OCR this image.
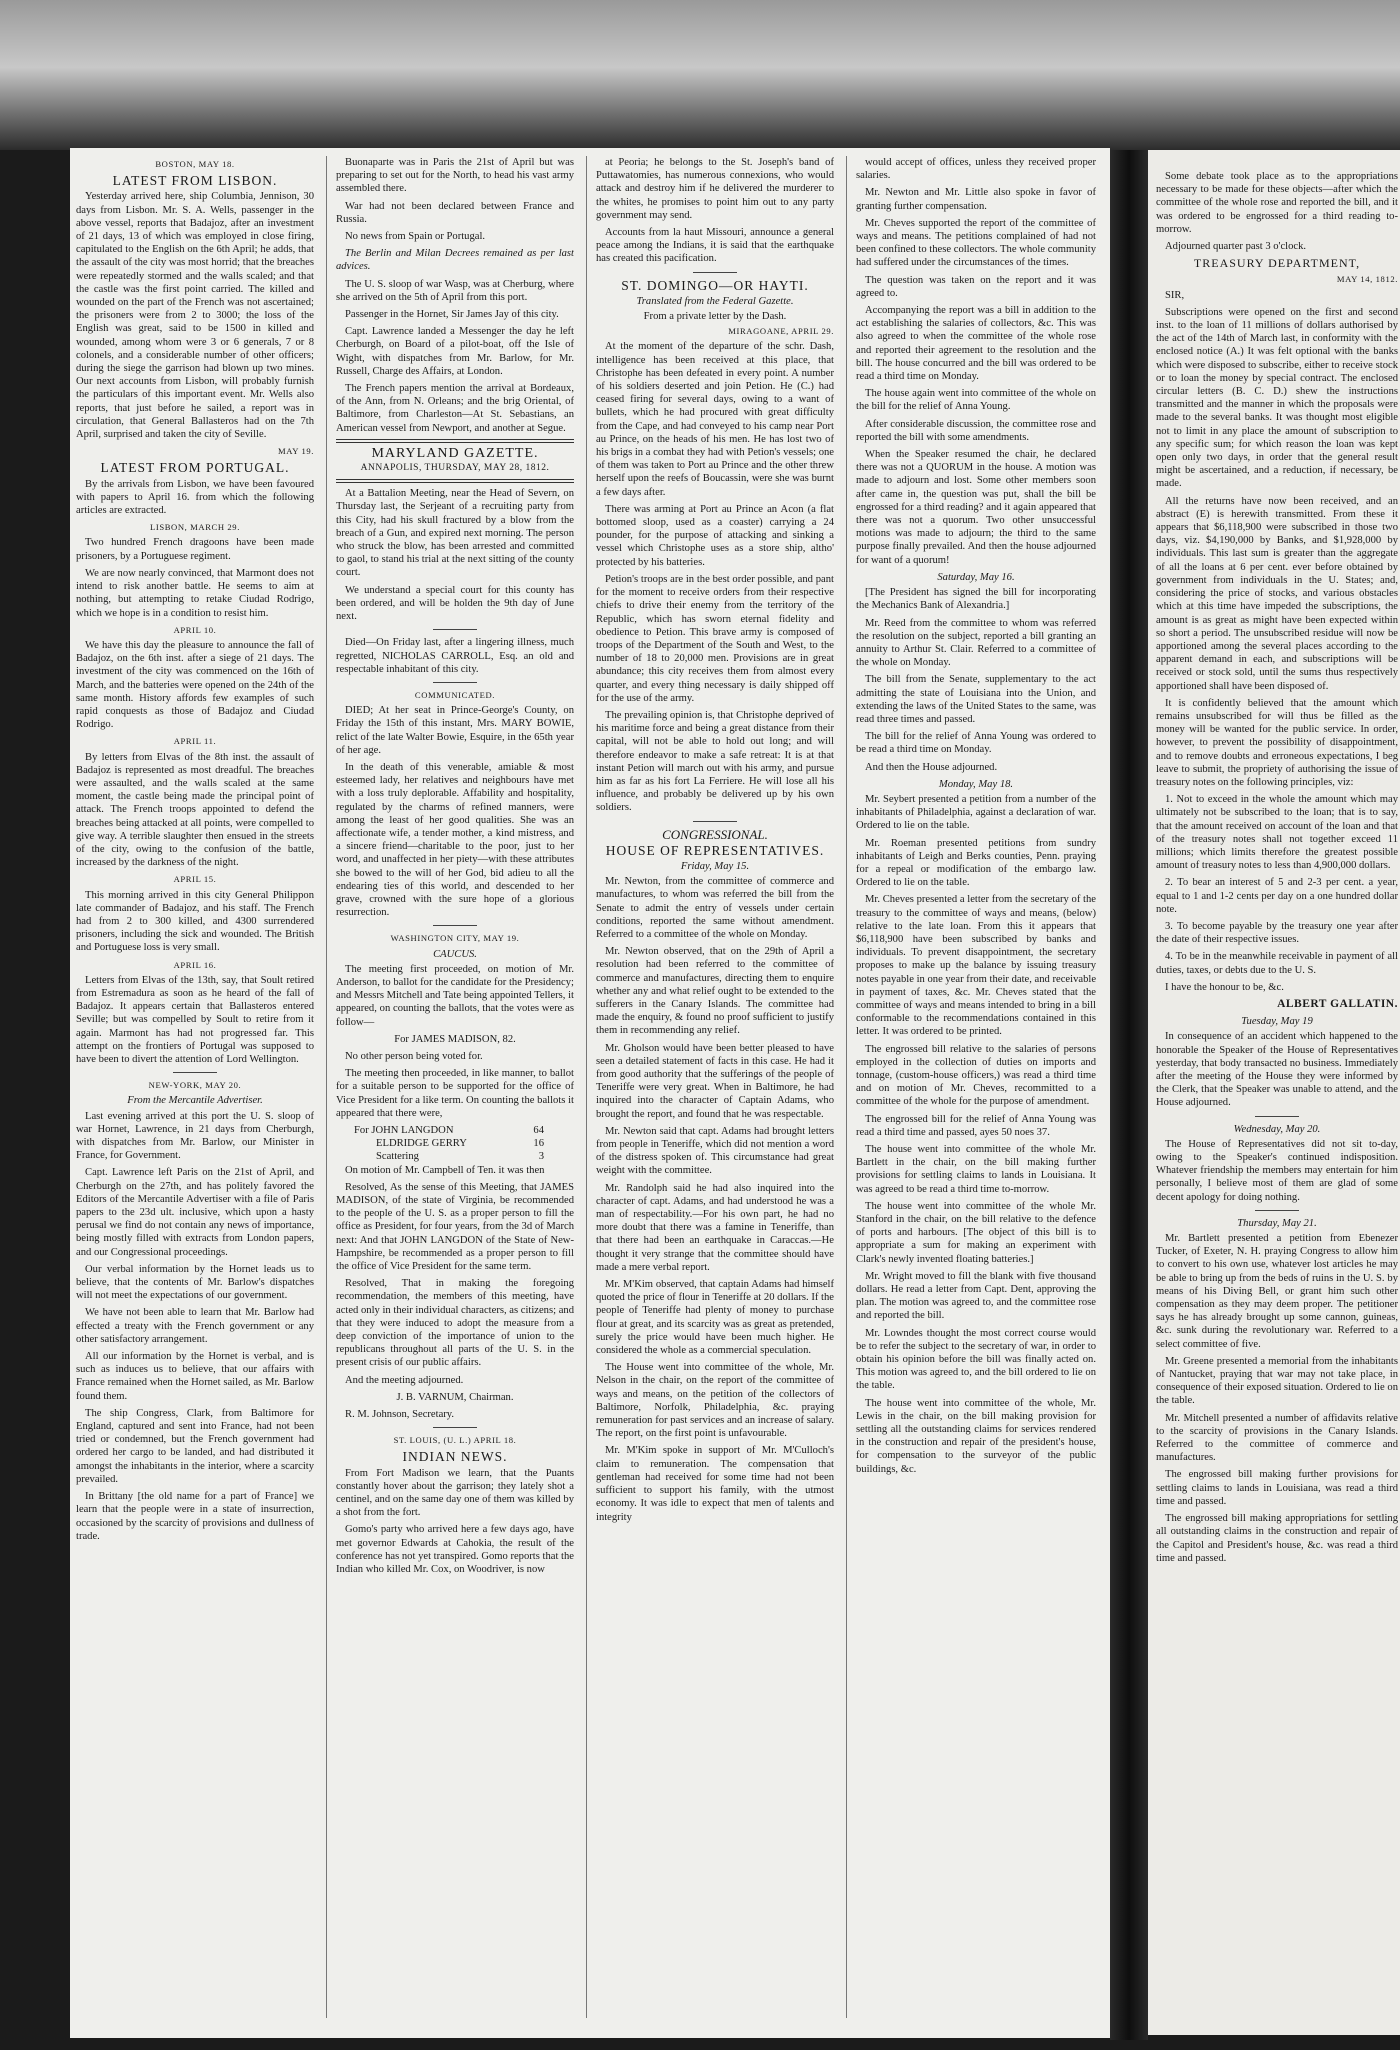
BOSTON, MAY 18.
LATEST FROM LISBON.

Yesterday arrived here, ship Columbia, Jennison, 30 days from Lisbon. Mr. S. A. Wells, passenger in the above vessel, reports that Badajoz, after an investment of 21 days, 13 of which was employed in close firing, capitulated to the English on the 6th April; he adds, that the assault of the city was most horrid; that the breaches were repeatedly stormed and the walls scaled; and that the castle was the first point carried. The killed and wounded on the part of the French was not ascertained; the prisoners were from 2 to 3000; the loss of the English was great, said to be 1500 in killed and wounded, among whom were 3 or 6 generals, 7 or 8 colonels, and a considerable number of other officers; during the siege the garrison had blown up two mines. Our next accounts from Lisbon, will probably furnish the particulars of this important event. Mr. Wells also reports, that just before he sailed, a report was in circulation, that General Ballasteros had on the 7th April, surprised and taken the city of Seville.

MAY 19.
LATEST FROM PORTUGAL.

By the arrivals from Lisbon, we have been favoured with papers to April 16. from which the following articles are extracted.

LISBON, MARCH 29.

Two hundred French dragoons have been made prisoners, by a Portuguese regiment.

We are now nearly convinced, that Marmont does not intend to risk another battle. He seems to aim at nothing, but attempting to retake Ciudad Rodrigo, which we hope is in a condition to resist him.

APRIL 10.

We have this day the pleasure to announce the fall of Badajoz, on the 6th inst. after a siege of 21 days. The investment of the city was commenced on the 16th of March, and the batteries were opened on the 24th of the same month. History affords few examples of such rapid conquests as those of Badajoz and Ciudad Rodrigo.

APRIL 11.

By letters from Elvas of the 8th inst. the assault of Badajoz is represented as most dreadful. The breaches were assaulted, and the walls scaled at the same moment, the castle being made the principal point of attack. The French troops appointed to defend the breaches being attacked at all points, were compelled to give way. A terrible slaughter then ensued in the streets of the city, owing to the confusion of the battle, increased by the darkness of the night.

APRIL 15.

This morning arrived in this city General Philippon late commander of Badajoz, and his staff. The French had from 2 to 300 killed, and 4300 surrendered prisoners, including the sick and wounded. The British and Portuguese loss is very small.

APRIL 16.

Letters from Elvas of the 13th, say, that Soult retired from Estremadura as soon as he heard of the fall of Badajoz. It appears certain that Ballasteros entered Seville; but was compelled by Soult to retire from it again. Marmont has had not progressed far. This attempt on the frontiers of Portugal was supposed to have been to divert the attention of Lord Wellington.

NEW-YORK, MAY 20.
From the Mercantile Advertiser.

Last evening arrived at this port the U. S. sloop of war Hornet, Lawrence, in 21 days from Cherburgh, with dispatches from Mr. Barlow, our Minister in France, for Government.

Capt. Lawrence left Paris on the 21st of April, and Cherburgh on the 27th, and has politely favored the Editors of the Mercantile Advertiser with a file of Paris papers to the 23d ult. inclusive, which upon a hasty perusal we find do not contain any news of importance, being mostly filled with extracts from London papers, and our Congressional proceedings.

Our verbal information by the Hornet leads us to believe, that the contents of Mr. Barlow's dispatches will not meet the expectations of our government.

We have not been able to learn that Mr. Barlow had effected a treaty with the French government or any other satisfactory arrangement.

All our information by the Hornet is verbal, and is such as induces us to believe, that our affairs with France remained when the Hornet sailed, as Mr. Barlow found them.

The ship Congress, Clark, from Baltimore for England, captured and sent into France, had not been tried or condemned, but the French government had ordered her cargo to be landed, and had distributed it amongst the inhabitants in the interior, where a scarcity prevailed.

In Brittany [the old name for a part of France] we learn that the people were in a state of insurrection, occasioned by the scarcity of provisions and dullness of trade.

Buonaparte was in Paris the 21st of April but was preparing to set out for the North, to head his vast army assembled there.

War had not been declared between France and Russia.

No news from Spain or Portugal.

The Berlin and Milan Decrees remained as per last advices.

The U. S. sloop of war Wasp, was at Cherburg, where she arrived on the 5th of April from this port.

Passenger in the Hornet, Sir James Jay of this city.

Capt. Lawrence landed a Messenger the day he left Cherburgh, on Board of a pilot-boat, off the Isle of Wight, with dispatches from Mr. Barlow, for Mr. Russell, Charge des Affairs, at London.

The French papers mention the arrival at Bordeaux, of the Ann, from N. Orleans; and the brig Oriental, of Baltimore, from Charleston—At St. Sebastians, an American vessel from Newport, and another at Segue.

MARYLAND GAZETTE.
ANNAPOLIS, THURSDAY, MAY 28, 1812.

At a Battalion Meeting, near the Head of Severn, on Thursday last, the Serjeant of a recruiting party from this City, had his skull fractured by a blow from the breach of a Gun, and expired next morning. The person who struck the blow, has been arrested and committed to gaol, to stand his trial at the next sitting of the county court.

We understand a special court for this county has been ordered, and will be holden the 9th day of June next.

Died—On Friday last, after a lingering illness, much regretted, NICHOLAS CARROLL, Esq. an old and respectable inhabitant of this city.

COMMUNICATED.

DIED; At her seat in Prince-George's County, on Friday the 15th of this instant, Mrs. MARY BOWIE, relict of the late Walter Bowie, Esquire, in the 65th year of her age.

In the death of this venerable, amiable & most esteemed lady, her relatives and neighbours have met with a loss truly deplorable. Affability and hospitality, regulated by the charms of refined manners, were among the least of her good qualities. She was an affectionate wife, a tender mother, a kind mistress, and a sincere friend—charitable to the poor, just to her word, and unaffected in her piety—with these attributes she bowed to the will of her God, bid adieu to all the endearing ties of this world, and descended to her grave, crowned with the sure hope of a glorious resurrection.

WASHINGTON CITY, MAY 19.
CAUCUS.

The meeting first proceeded, on motion of Mr. Anderson, to ballot for the candidate for the Presidency; and Messrs Mitchell and Tate being appointed Tellers, it appeared, on counting the ballots, that the votes were as follow—

For JAMES MADISON, 82.

No other person being voted for.

The meeting then proceeded, in like manner, to ballot for a suitable person to be supported for the office of Vice President for a like term. On counting the ballots it appeared that there were,

For JOHN LANGDON	64
ELDRIDGE GERRY	16
Scattering	3

On motion of Mr. Campbell of Ten. it was then

Resolved, As the sense of this Meeting, that JAMES MADISON, of the state of Virginia, be recommended to the people of the U. S. as a proper person to fill the office as President, for four years, from the 3d of March next: And that JOHN LANGDON of the State of New-Hampshire, be recommended as a proper person to fill the office of Vice President for the same term.

Resolved, That in making the foregoing recommendation, the members of this meeting, have acted only in their individual characters, as citizens; and that they were induced to adopt the measure from a deep conviction of the importance of union to the republicans throughout all parts of the U. S. in the present crisis of our public affairs.

And the meeting adjourned.

J. B. VARNUM, Chairman.

R. M. Johnson, Secretary.

ST. LOUIS, (U. L.) APRIL 18.
INDIAN NEWS.

From Fort Madison we learn, that the Puants constantly hover about the garrison; they lately shot a centinel, and on the same day one of them was killed by a shot from the fort.

Gomo's party who arrived here a few days ago, have met governor Edwards at Cahokia, the result of the conference has not yet transpired. Gomo reports that the Indian who killed Mr. Cox, on Woodriver, is now

at Peoria; he belongs to the St. Joseph's band of Puttawatomies, has numerous connexions, who would attack and destroy him if he delivered the murderer to the whites, he promises to point him out to any party government may send.

Accounts from la haut Missouri, announce a general peace among the Indians, it is said that the earthquake has created this pacification.

ST. DOMINGO—OR HAYTI.
Translated from the Federal Gazette.
From a private letter by the Dash.
MIRAGOANE, APRIL 29.

At the moment of the departure of the schr. Dash, intelligence has been received at this place, that Christophe has been defeated in every point. A number of his soldiers deserted and join Petion. He (C.) had ceased firing for several days, owing to a want of bullets, which he had procured with great difficulty from the Cape, and had conveyed to his camp near Port au Prince, on the heads of his men. He has lost two of his brigs in a combat they had with Petion's vessels; one of them was taken to Port au Prince and the other threw herself upon the reefs of Boucassin, were she was burnt a few days after.

There was arming at Port au Prince an Acon (a flat bottomed sloop, used as a coaster) carrying a 24 pounder, for the purpose of attacking and sinking a vessel which Christophe uses as a store ship, altho' protected by his batteries.

Petion's troops are in the best order possible, and pant for the moment to receive orders from their respective chiefs to drive their enemy from the territory of the Republic, which has sworn eternal fidelity and obedience to Petion. This brave army is composed of troops of the Department of the South and West, to the number of 18 to 20,000 men. Provisions are in great abundance; this city receives them from almost every quarter, and every thing necessary is daily shipped off for the use of the army.

The prevailing opinion is, that Christophe deprived of his maritime force and being a great distance from their capital, will not be able to hold out long; and will therefore endeavor to make a safe retreat: It is at that instant Petion will march out with his army, and pursue him as far as his fort La Ferriere. He will lose all his influence, and probably be delivered up by his own soldiers.

CONGRESSIONAL.
HOUSE OF REPRESENTATIVES.
Friday, May 15.

Mr. Newton, from the committee of commerce and manufactures, to whom was referred the bill from the Senate to admit the entry of vessels under certain conditions, reported the same without amendment. Referred to a committee of the whole on Monday.

Mr. Newton observed, that on the 29th of April a resolution had been referred to the committee of commerce and manufactures, directing them to enquire whether any and what relief ought to be extended to the sufferers in the Canary Islands. The committee had made the enquiry, & found no proof sufficient to justify them in recommending any relief.

Mr. Gholson would have been better pleased to have seen a detailed statement of facts in this case. He had it from good authority that the sufferings of the people of Teneriffe were very great. When in Baltimore, he had inquired into the character of Captain Adams, who brought the report, and found that he was respectable.

Mr. Newton said that capt. Adams had brought letters from people in Teneriffe, which did not mention a word of the distress spoken of. This circumstance had great weight with the committee.

Mr. Randolph said he had also inquired into the character of capt. Adams, and had understood he was a man of respectability.—For his own part, he had no more doubt that there was a famine in Teneriffe, than that there had been an earthquake in Caraccas.—He thought it very strange that the committee should have made a mere verbal report.

Mr. M'Kim observed, that captain Adams had himself quoted the price of flour in Teneriffe at 20 dollars. If the people of Teneriffe had plenty of money to purchase flour at great, and its scarcity was as great as pretended, surely the price would have been much higher. He considered the whole as a commercial speculation.

The House went into committee of the whole, Mr. Nelson in the chair, on the report of the committee of ways and means, on the petition of the collectors of Baltimore, Norfolk, Philadelphia, &c. praying remuneration for past services and an increase of salary. The report, on the first point is unfavourable.

Mr. M'Kim spoke in support of Mr. M'Culloch's claim to remuneration. The compensation that gentleman had received for some time had not been sufficient to support his family, with the utmost economy. It was idle to expect that men of talents and integrity

would accept of offices, unless they received proper salaries.

Mr. Newton and Mr. Little also spoke in favor of granting further compensation.

Mr. Cheves supported the report of the committee of ways and means. The petitions complained of had not been confined to these collectors. The whole community had suffered under the circumstances of the times.

The question was taken on the report and it was agreed to.

Accompanying the report was a bill in addition to the act establishing the salaries of collectors, &c. This was also agreed to when the committee of the whole rose and reported their agreement to the resolution and the bill. The house concurred and the bill was ordered to be read a third time on Monday.

The house again went into committee of the whole on the bill for the relief of Anna Young.

After considerable discussion, the committee rose and reported the bill with some amendments.

When the Speaker resumed the chair, he declared there was not a QUORUM in the house. A motion was made to adjourn and lost. Some other members soon after came in, the question was put, shall the bill be engrossed for a third reading? and it again appeared that there was not a quorum. Two other unsuccessful motions was made to adjourn; the third to the same purpose finally prevailed. And then the house adjourned for want of a quorum!

Saturday, May 16.

[The President has signed the bill for incorporating the Mechanics Bank of Alexandria.]

Mr. Reed from the committee to whom was referred the resolution on the subject, reported a bill granting an annuity to Arthur St. Clair. Referred to a committee of the whole on Monday.

The bill from the Senate, supplementary to the act admitting the state of Louisiana into the Union, and extending the laws of the United States to the same, was read three times and passed.

The bill for the relief of Anna Young was ordered to be read a third time on Monday.

And then the House adjourned.

Monday, May 18.

Mr. Seybert presented a petition from a number of the inhabitants of Philadelphia, against a declaration of war. Ordered to lie on the table.

Mr. Roeman presented petitions from sundry inhabitants of Leigh and Berks counties, Penn. praying for a repeal or modification of the embargo law. Ordered to lie on the table.

Mr. Cheves presented a letter from the secretary of the treasury to the committee of ways and means, (below) relative to the late loan. From this it appears that $6,118,900 have been subscribed by banks and individuals. To prevent disappointment, the secretary proposes to make up the balance by issuing treasury notes payable in one year from their date, and receivable in payment of taxes, &c. Mr. Cheves stated that the committee of ways and means intended to bring in a bill conformable to the recommendations contained in this letter. It was ordered to be printed.

The engrossed bill relative to the salaries of persons employed in the collection of duties on imports and tonnage, (custom-house officers,) was read a third time and on motion of Mr. Cheves, recommitted to a committee of the whole for the purpose of amendment.

The engrossed bill for the relief of Anna Young was read a third time and passed, ayes 50 noes 37.

The house went into committee of the whole Mr. Bartlett in the chair, on the bill making further provisions for settling claims to lands in Louisiana. It was agreed to be read a third time to-morrow.

The house went into committee of the whole Mr. Stanford in the chair, on the bill relative to the defence of ports and harbours. [The object of this bill is to appropriate a sum for making an experiment with Clark's newly invented floating batteries.]

Mr. Wright moved to fill the blank with five thousand dollars. He read a letter from Capt. Dent, approving the plan. The motion was agreed to, and the committee rose and reported the bill.

Mr. Lowndes thought the most correct course would be to refer the subject to the secretary of war, in order to obtain his opinion before the bill was finally acted on. This motion was agreed to, and the bill ordered to lie on the table.

The house went into committee of the whole, Mr. Lewis in the chair, on the bill making provision for settling all the outstanding claims for services rendered in the construction and repair of the president's house, for compensation to the surveyor of the public buildings, &c.

Some debate took place as to the appropriations necessary to be made for these objects—after which the committee of the whole rose and reported the bill, and it was ordered to be engrossed for a third reading to-morrow.

Adjourned quarter past 3 o'clock.

TREASURY DEPARTMENT,
MAY 14, 1812.

SIR,

Subscriptions were opened on the first and second inst. to the loan of 11 millions of dollars authorised by the act of the 14th of March last, in conformity with the enclosed notice (A.) It was felt optional with the banks which were disposed to subscribe, either to receive stock or to loan the money by special contract. The enclosed circular letters (B. C. D.) shew the instructions transmitted and the manner in which the proposals were made to the several banks. It was thought most eligible not to limit in any place the amount of subscription to any specific sum; for which reason the loan was kept open only two days, in order that the general result might be ascertained, and a reduction, if necessary, be made.

All the returns have now been received, and an abstract (E) is herewith transmitted. From these it appears that $6,118,900 were subscribed in those two days, viz. $4,190,000 by Banks, and $1,928,000 by individuals. This last sum is greater than the aggregate of all the loans at 6 per cent. ever before obtained by government from individuals in the U. States; and, considering the price of stocks, and various obstacles which at this time have impeded the subscriptions, the amount is as great as might have been expected within so short a period. The unsubscribed residue will now be apportioned among the several places according to the apparent demand in each, and subscriptions will be received or stock sold, until the sums thus respectively apportioned shall have been disposed of.

It is confidently believed that the amount which remains unsubscribed for will thus be filled as the money will be wanted for the public service. In order, however, to prevent the possibility of disappointment, and to remove doubts and erroneous expectations, I beg leave to submit, the propriety of authorising the issue of treasury notes on the following principles, viz:

1. Not to exceed in the whole the amount which may ultimately not be subscribed to the loan; that is to say, that the amount received on account of the loan and that of the treasury notes shall not together exceed 11 millions; which limits therefore the greatest possible amount of treasury notes to less than 4,900,000 dollars.

2. To bear an interest of 5 and 2-3 per cent. a year, equal to 1 and 1-2 cents per day on a one hundred dollar note.

3. To become payable by the treasury one year after the date of their respective issues.

4. To be in the meanwhile receivable in payment of all duties, taxes, or debts due to the U. S.

I have the honour to be, &c.

ALBERT GALLATIN.
Tuesday, May 19

In consequence of an accident which happened to the honorable the Speaker of the House of Representatives yesterday, that body transacted no business. Immediately after the meeting of the House they were informed by the Clerk, that the Speaker was unable to attend, and the House adjourned.

Wednesday, May 20.

The House of Representatives did not sit to-day, owing to the Speaker's continued indisposition. Whatever friendship the members may entertain for him personally, I believe most of them are glad of some decent apology for doing nothing.

Thursday, May 21.

Mr. Bartlett presented a petition from Ebenezer Tucker, of Exeter, N. H. praying Congress to allow him to convert to his own use, whatever lost articles he may be able to bring up from the beds of ruins in the U. S. by means of his Diving Bell, or grant him such other compensation as they may deem proper. The petitioner says he has already brought up some cannon, guineas, &c. sunk during the revolutionary war. Referred to a select committee of five.

Mr. Greene presented a memorial from the inhabitants of Nantucket, praying that war may not take place, in consequence of their exposed situation. Ordered to lie on the table.

Mr. Mitchell presented a number of affidavits relative to the scarcity of provisions in the Canary Islands. Referred to the committee of commerce and manufactures.

The engrossed bill making further provisions for settling claims to lands in Louisiana, was read a third time and passed.

The engrossed bill making appropriations for settling all outstanding claims in the construction and repair of the Capitol and President's house, &c. was read a third time and passed.
